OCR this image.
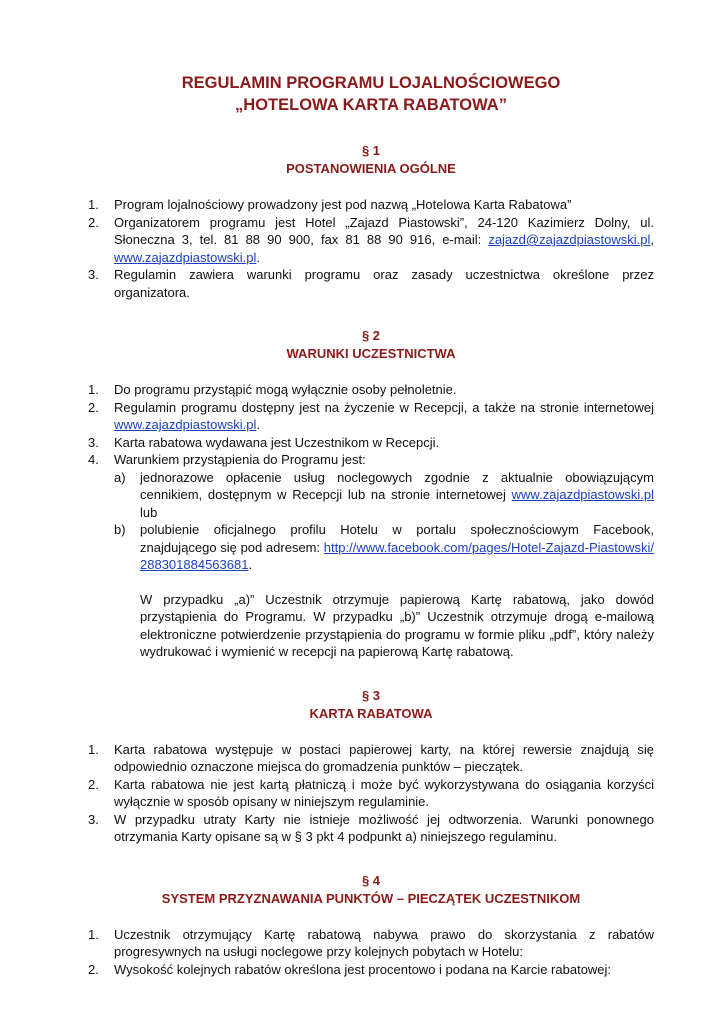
REGULAMIN PROGRAMU LOJALNOŚCIOWEGO
„HOTELOWA KARTA RABATOWA”
§ 1
POSTANOWIENIA OGÓLNE
1.	Program lojalnościowy prowadzony jest pod nazwą „Hotelowa Karta Rabatowa”
2.	Organizatorem programu jest Hotel „Zajazd Piastowski”, 24-120 Kazimierz Dolny, ul. Słoneczna 3, tel. 81 88 90 900, fax 81 88 90 916, e-mail: zajazd@zajazdpiastowski.pl, www.zajazdpiastowski.pl.
3.	Regulamin zawiera warunki programu oraz zasady uczestnictwa określone przez organizatora.
§ 2
WARUNKI UCZESTNICTWA
1.	Do programu przystąpić mogą wyłącznie osoby pełnoletnie.
2.	Regulamin programu dostępny jest na życzenie w Recepcji, a także na stronie internetowej www.zajazdpiastowski.pl.
3.	Karta rabatowa wydawana jest Uczestnikom w Recepcji.
4.	Warunkiem przystąpienia do Programu jest:
a)	jednorazowe opłacenie usług noclegowych zgodnie z aktualnie obowiązującym cennikiem, dostępnym w Recepcji lub na stronie internetowej www.zajazdpiastowski.pl lub
b)	polubienie oficjalnego profilu Hotelu w portalu społecznościowym Facebook, znajdującego się pod adresem: http://www.facebook.com/pages/Hotel-Zajazd-Piastowski/288301884563681.

W przypadku „a)” Uczestnik otrzymuje papierową Kartę rabatową, jako dowód przystąpienia do Programu. W przypadku „b)” Uczestnik otrzymuje drogą e-mailową elektroniczne potwierdzenie przystąpienia do programu w formie pliku „pdf”, który należy wydrukować i wymienić w recepcji na papierową Kartę rabatową.

§ 3
KARTA RABATOWA
1.	Karta rabatowa występuje w postaci papierowej karty, na której rewersie znajdują się odpowiednio oznaczone miejsca do gromadzenia punktów – pieczątek.
2.	Karta rabatowa nie jest kartą płatniczą i może być wykorzystywana do osiągania korzyści wyłącznie w sposób opisany w niniejszym regulaminie.
3.	W przypadku utraty Karty nie istnieje możliwość jej odtworzenia. Warunki ponownego otrzymania Karty opisane są w § 3 pkt 4 podpunkt a) niniejszego regulaminu.
§ 4
SYSTEM PRZYZNAWANIA PUNKTÓW – PIECZĄTEK UCZESTNIKOM
1.	Uczestnik otrzymujący Kartę rabatową nabywa prawo do skorzystania z rabatów progresywnych na usługi noclegowe przy kolejnych pobytach w Hotelu:
2.	Wysokość kolejnych rabatów określona jest procentowo i podana na Karcie rabatowej:
